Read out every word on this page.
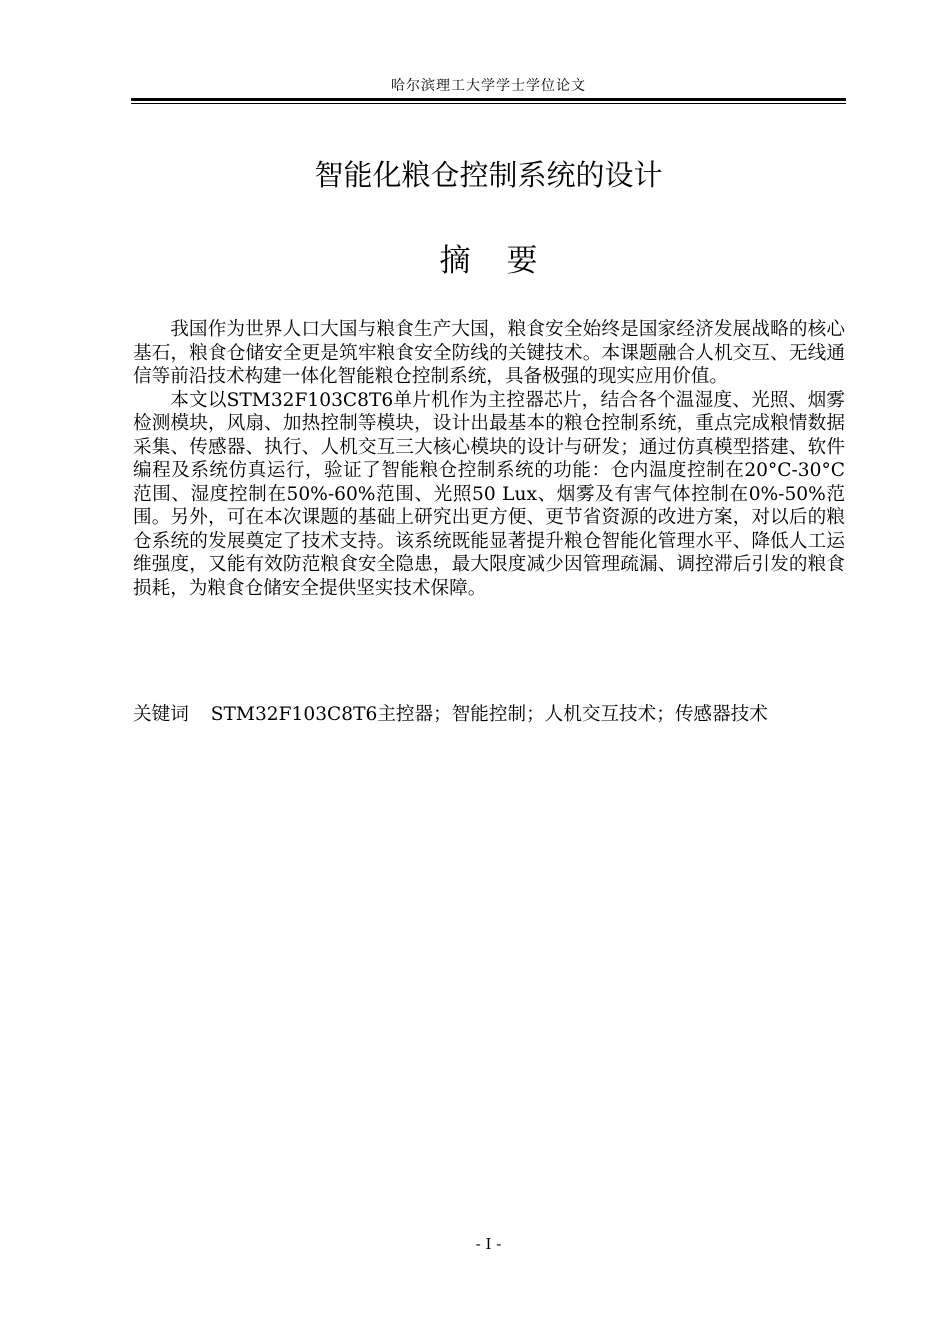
哈尔滨理工大学学士学位论文
智能化粮仓控制系统的设计
摘要

我国作为世界人口大国与粮食生产大国，粮食安全始终是国家经济发展战略的核心基石，粮食仓储安全更是筑牢粮食安全防线的关键技术。本课题融合人机交互、无线通信等前沿技术构建一体化智能粮仓控制系统，具备极强的现实应用价值。

本文以STM32F103C8T6单片机作为主控器芯片，结合各个温湿度、光照、烟雾检测模块，风扇、加热控制等模块，设计出最基本的粮仓控制系统，重点完成粮情数据采集、传感器、执行、人机交互三大核心模块的设计与研发；通过仿真模型搭建、软件编程及系统仿真运行，验证了智能粮仓控制系统的功能：仓内温度控制在20°C-30°C范围、湿度控制在50%-60%范围、光照50 Lux、烟雾及有害气体控制在0%-50%范围。另外，可在本次课题的基础上研究出更方便、更节省资源的改进方案，对以后的粮仓系统的发展奠定了技术支持。该系统既能显著提升粮仓智能化管理水平、降低人工运维强度，又能有效防范粮食安全隐患，最大限度减少因管理疏漏、调控滞后引发的粮食损耗，为粮食仓储安全提供坚实技术保障。

关键词 STM32F103C8T6主控器；智能控制；人机交互技术；传感器技术
- I -
